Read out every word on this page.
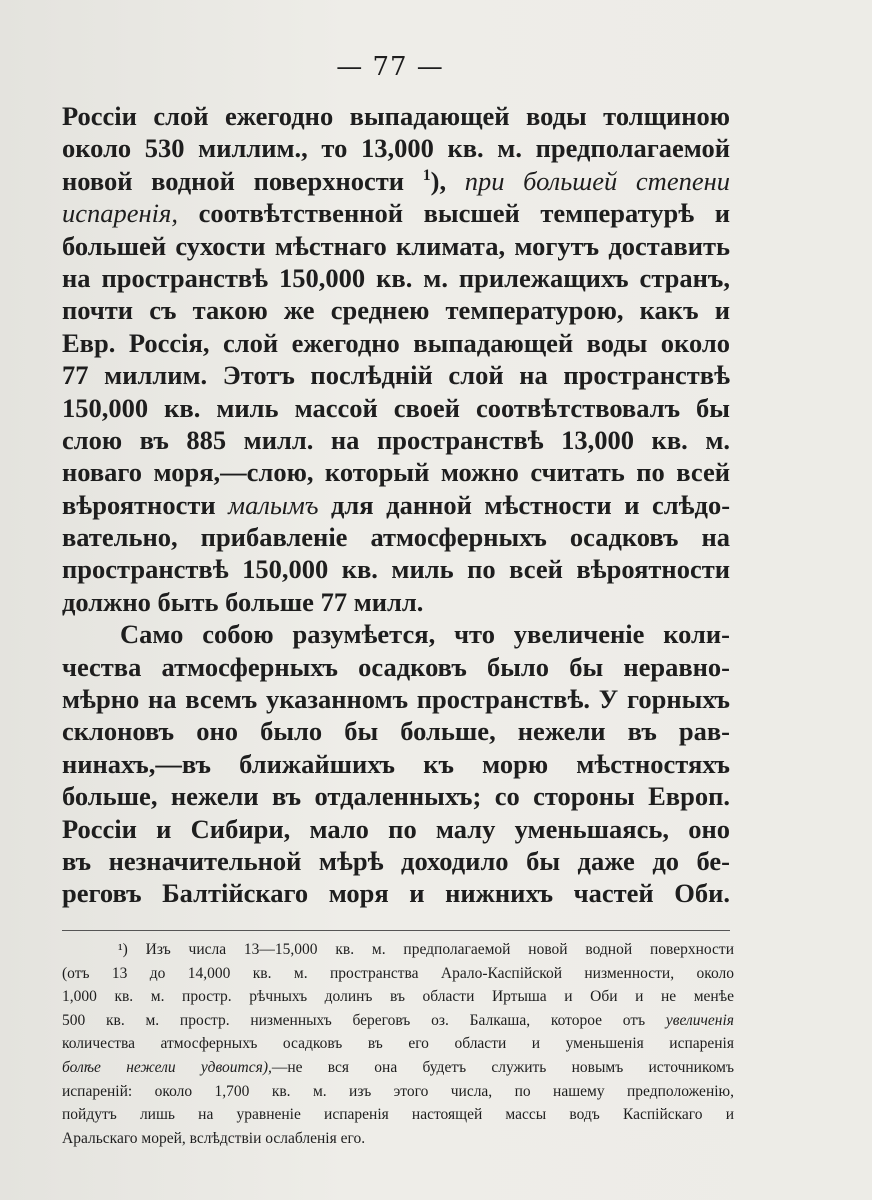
— 77 —
Россіи слой ежегодно выпадающей воды толщиною
около 530 миллим., то 13,000 кв. м. предполагаемой
новой водной поверхности $^1$), при большей степени
испаренія, соотвѣтственной высшей температурѣ и
большей сухости мѣстнаго климата, могутъ доставить
на пространствѣ 150,000 кв. м. прилежащихъ странъ,
почти съ такою же среднею температурою, какъ и
Евр. Россія, слой ежегодно выпадающей воды около
77 миллим. Этотъ послѣдній слой на пространствѣ
150,000 кв. миль массой своей соотвѣтствовалъ бы
слою въ 885 милл. на пространствѣ 13,000 кв. м.
новаго моря,—слою, который можно считать по всей
вѣроятности малымъ для данной мѣстности и слѣдо-
вательно, прибавленіе атмосферныхъ осадковъ на
пространствѣ 150,000 кв. миль по всей вѣроятности
должно быть больше 77 милл.
Само собою разумѣется, что увеличеніе коли-
чества атмосферныхъ осадковъ было бы неравно-
мѣрно на всемъ указанномъ пространствѣ. У горныхъ
склоновъ оно было бы больше, нежели въ рав-
нинахъ,—въ ближайшихъ къ морю мѣстностяхъ
больше, нежели въ отдаленныхъ; со стороны Европ.
Россіи и Сибири, мало по малу уменьшаясь, оно
въ незначительной мѣрѣ доходило бы даже до бе-
реговъ Балтійскаго моря и нижнихъ частей Оби.
¹) Изъ числа 13—15,000 кв. м. предполагаемой новой водной поверхности
(отъ 13 до 14,000 кв. м. пространства Арало-Каспійской низменности, около
1,000 кв. м. простр. рѣчныхъ долинъ въ области Иртыша и Оби и не менѣе
500 кв. м. простр. низменныхъ береговъ оз. Балкаша, которое отъ увеличенія
количества атмосферныхъ осадковъ въ его области и уменьшенія испаренія
болѣе нежели удвоится),—не вся она будетъ служить новымъ источникомъ
испареній: около 1,700 кв. м. изъ этого числа, по нашему предположенію,
пойдутъ лишь на уравненіе испаренія настоящей массы водъ Каспійскаго и
Аральскаго морей, вслѣдствіи ослабленія его.
